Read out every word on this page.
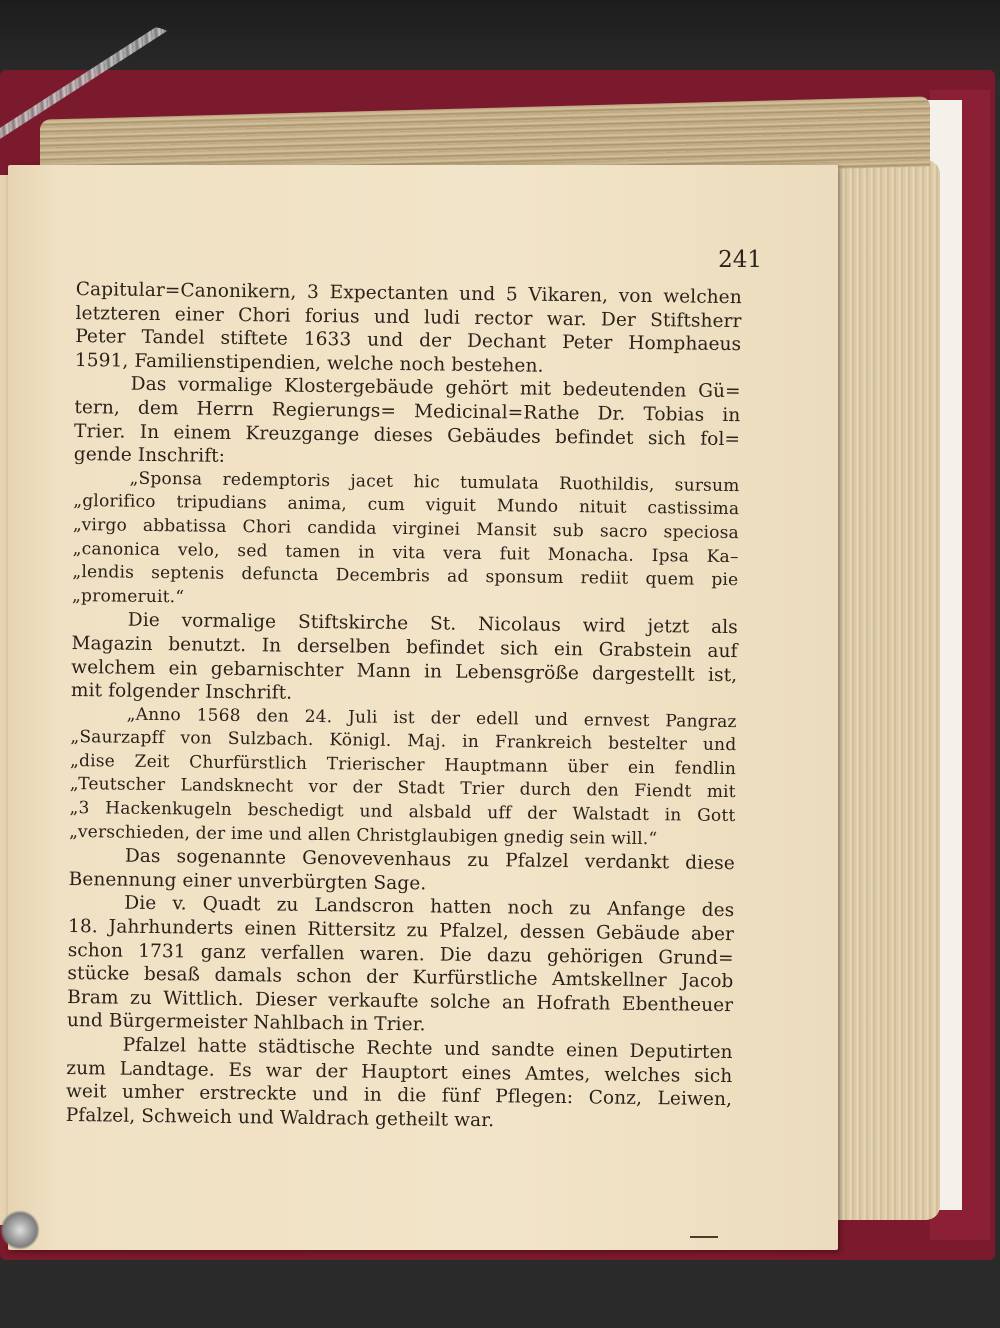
241
Capitular=Canonikern, 3 Expectanten und 5 Vikaren, von welchen
letzteren einer Chori forius und ludi rector war. Der Stiftsherr
Peter Tandel stiftete 1633 und der Dechant Peter Homphaeus
1591, Familienstipendien, welche noch bestehen.
Das vormalige Klostergebäude gehört mit bedeutenden Gü=
tern, dem Herrn Regierungs= Medicinal=Rathe Dr. Tobias in
Trier. In einem Kreuzgange dieses Gebäudes befindet sich fol=
gende Inschrift:
„Sponsa redemptoris jacet hic tumulata Ruothildis, sursum
„glorifico tripudians anima, cum viguit Mundo nituit castissima
„virgo abbatissa Chori candida virginei Mansit sub sacro speciosa
„canonica velo, sed tamen in vita vera fuit Monacha. Ipsa Ka–
„lendis septenis defuncta Decembris ad sponsum rediit quem pie
„promeruit.“
Die vormalige Stiftskirche St. Nicolaus wird jetzt als
Magazin benutzt. In derselben befindet sich ein Grabstein auf
welchem ein gebarnischter Mann in Lebensgröße dargestellt ist,
mit folgender Inschrift.
„Anno 1568 den 24. Juli ist der edell und ernvest Pangraz
„Saurzapff von Sulzbach. Königl. Maj. in Frankreich bestelter und
„dise Zeit Churfürstlich Trierischer Hauptmann über ein fendlin
„Teutscher Landsknecht vor der Stadt Trier durch den Fiendt mit
„3 Hackenkugeln beschedigt und alsbald uff der Walstadt in Gott
„verschieden, der ime und allen Christglaubigen gnedig sein will.“
Das sogenannte Genovevenhaus zu Pfalzel verdankt diese
Benennung einer unverbürgten Sage.
Die v. Quadt zu Landscron hatten noch zu Anfange des
18. Jahrhunderts einen Rittersitz zu Pfalzel, dessen Gebäude aber
schon 1731 ganz verfallen waren. Die dazu gehörigen Grund=
stücke besaß damals schon der Kurfürstliche Amtskellner Jacob
Bram zu Wittlich. Dieser verkaufte solche an Hofrath Ebentheuer
und Bürgermeister Nahlbach in Trier.
Pfalzel hatte städtische Rechte und sandte einen Deputirten
zum Landtage. Es war der Hauptort eines Amtes, welches sich
weit umher erstreckte und in die fünf Pflegen: Conz, Leiwen,
Pfalzel, Schweich und Waldrach getheilt war.
